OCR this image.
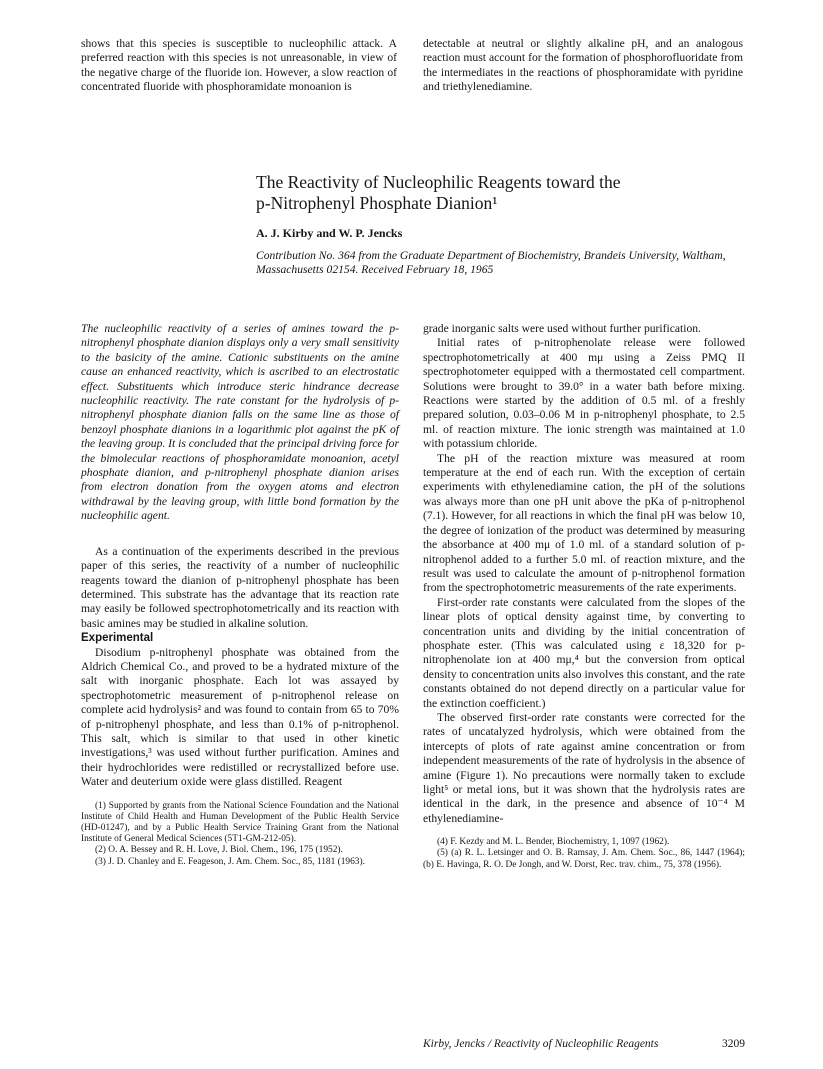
shows that this species is susceptible to nucleophilic attack. A preferred reaction with this species is not unreasonable, in view of the negative charge of the fluoride ion. However, a slow reaction of concentrated fluoride with phosphoramidate monoanion is

detectable at neutral or slightly alkaline pH, and an analogous reaction must account for the formation of phosphorofluoridate from the intermediates in the reactions of phosphoramidate with pyridine and triethylenediamine.

The Reactivity of Nucleophilic Reagents toward the
p-Nitrophenyl Phosphate Dianion¹

A. J. Kirby and W. P. Jencks

Contribution No. 364 from the Graduate Department of Biochemistry, Brandeis University, Waltham, Massachusetts 02154. Received February 18, 1965

The nucleophilic reactivity of a series of amines toward the p-nitrophenyl phosphate dianion displays only a very small sensitivity to the basicity of the amine. Cationic substituents on the amine cause an enhanced reactivity, which is ascribed to an electrostatic effect. Substituents which introduce steric hindrance decrease nucleophilic reactivity. The rate constant for the hydrolysis of p-nitrophenyl phosphate dianion falls on the same line as those of benzoyl phosphate dianions in a logarithmic plot against the pK of the leaving group. It is concluded that the principal driving force for the bimolecular reactions of phosphoramidate monoanion, acetyl phosphate dianion, and p-nitrophenyl phosphate dianion arises from electron donation from the oxygen atoms and electron withdrawal by the leaving group, with little bond formation by the nucleophilic agent.

As a continuation of the experiments described in the previous paper of this series, the reactivity of a number of nucleophilic reagents toward the dianion of p-nitrophenyl phosphate has been determined. This substrate has the advantage that its reaction rate may easily be followed spectrophotometrically and its reaction with basic amines may be studied in alkaline solution.

Experimental

Disodium p-nitrophenyl phosphate was obtained from the Aldrich Chemical Co., and proved to be a hydrated mixture of the salt with inorganic phosphate. Each lot was assayed by spectrophotometric measurement of p-nitrophenol release on complete acid hydrolysis² and was found to contain from 65 to 70% of p-nitrophenyl phosphate, and less than 0.1% of p-nitrophenol. This salt, which is similar to that used in other kinetic investigations,³ was used without further purification. Amines and their hydrochlorides were redistilled or recrystallized before use. Water and deuterium oxide were glass distilled. Reagent

(1) Supported by grants from the National Science Foundation and the National Institute of Child Health and Human Development of the Public Health Service (HD-01247), and by a Public Health Service Training Grant from the National Institute of General Medical Sciences (5T1-GM-212-05).
(2) O. A. Bessey and R. H. Love, J. Biol. Chem., 196, 175 (1952).
(3) J. D. Chanley and E. Feageson, J. Am. Chem. Soc., 85, 1181 (1963).

grade inorganic salts were used without further purification.

Initial rates of p-nitrophenolate release were followed spectrophotometrically at 400 mμ using a Zeiss PMQ II spectrophotometer equipped with a thermostated cell compartment. Solutions were brought to 39.0° in a water bath before mixing. Reactions were started by the addition of 0.5 ml. of a freshly prepared solution, 0.03–0.06 M in p-nitrophenyl phosphate, to 2.5 ml. of reaction mixture. The ionic strength was maintained at 1.0 with potassium chloride.

The pH of the reaction mixture was measured at room temperature at the end of each run. With the exception of certain experiments with ethylenediamine cation, the pH of the solutions was always more than one pH unit above the pKa of p-nitrophenol (7.1). However, for all reactions in which the final pH was below 10, the degree of ionization of the product was determined by measuring the absorbance at 400 mμ of 1.0 ml. of a standard solution of p-nitrophenol added to a further 5.0 ml. of reaction mixture, and the result was used to calculate the amount of p-nitrophenol formation from the spectrophotometric measurements of the rate experiments.

First-order rate constants were calculated from the slopes of the linear plots of optical density against time, by converting to concentration units and dividing by the initial concentration of phosphate ester. (This was calculated using ε 18,320 for p-nitrophenolate ion at 400 mμ,⁴ but the conversion from optical density to concentration units also involves this constant, and the rate constants obtained do not depend directly on a particular value for the extinction coefficient.)

The observed first-order rate constants were corrected for the rates of uncatalyzed hydrolysis, which were obtained from the intercepts of plots of rate against amine concentration or from independent measurements of the rate of hydrolysis in the absence of amine (Figure 1). No precautions were normally taken to exclude light⁵ or metal ions, but it was shown that the hydrolysis rates are identical in the dark, in the presence and absence of 10⁻⁴ M ethylenediamine-

(4) F. Kezdy and M. L. Bender, Biochemistry, 1, 1097 (1962).
(5) (a) R. L. Letsinger and O. B. Ramsay, J. Am. Chem. Soc., 86, 1447 (1964); (b) E. Havinga, R. O. De Jongh, and W. Dorst, Rec. trav. chim., 75, 378 (1956).
Kirby, Jencks / Reactivity of Nucleophilic Reagents	3209
